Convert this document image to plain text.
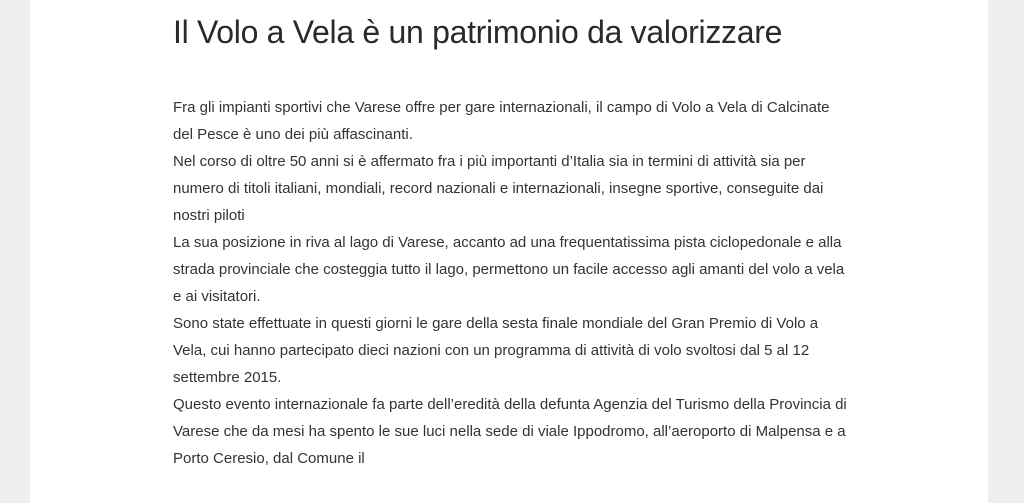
Il Volo a Vela è un patrimonio da valorizzare

Fra gli impianti sportivi che Varese offre per gare internazionali, il campo di Volo a Vela di Calcinate del Pesce è uno dei più affascinanti.

Nel corso di oltre 50 anni si è affermato fra i più importanti d’Italia sia in termini di attività sia per numero di titoli italiani, mondiali, record nazionali e internazionali, insegne sportive, conseguite dai nostri piloti

La sua posizione in riva al lago di Varese, accanto ad una frequentatissima pista ciclopedonale e alla strada provinciale che costeggia tutto il lago, permettono un facile accesso agli amanti del volo a vela e ai visitatori.

Sono state effettuate in questi giorni le gare della sesta finale mondiale del Gran Premio di Volo a Vela, cui hanno partecipato dieci nazioni con un programma di attività di volo svoltosi dal 5 al 12 settembre 2015.

Questo evento internazionale fa parte dell’eredità della defunta Agenzia del Turismo della Provincia di Varese che da mesi ha spento le sue luci nella sede di viale Ippodromo, all’aeroporto di Malpensa e a Porto Ceresio, dal Comune il
